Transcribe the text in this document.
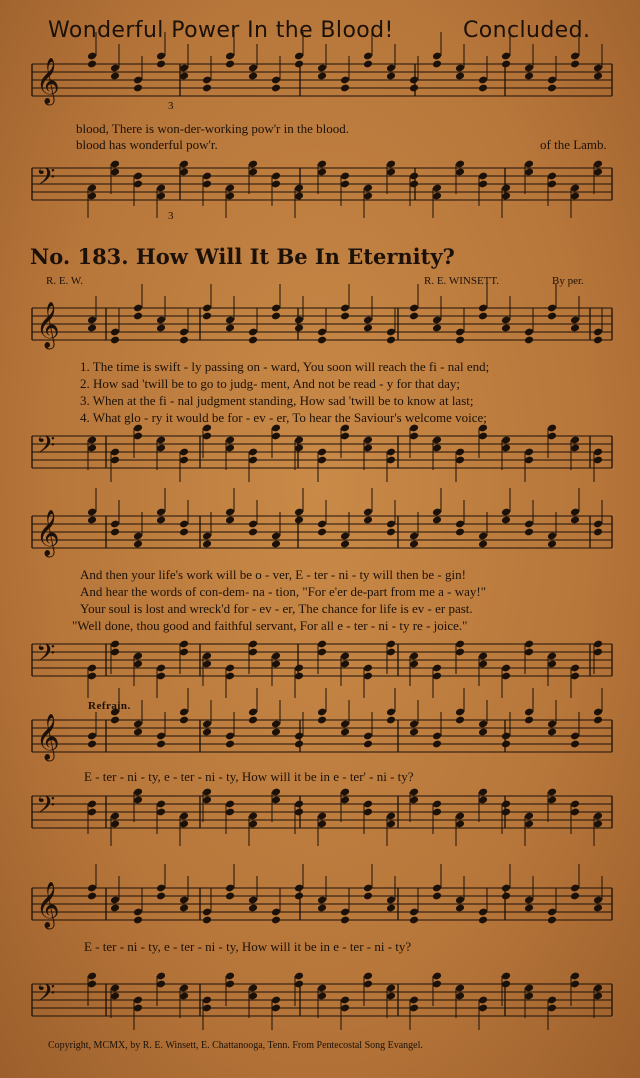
Wonderful Power In the Blood!	Concluded.
𝄞
𝄢
𝄞
𝄢
𝄞
𝄢
𝄞
𝄢
𝄞
𝄢
blood, There is won-der-working pow'r in the blood.
blood has wonderful pow'r.	of the Lamb.
3
3
No. 183. How Will It Be In Eternity?
R. E. W.	R. E. WINSETT.	By per.
1. The time is swift - ly passing on - ward, You soon will reach the fi - nal end;
2. How sad 'twill be to go to judg- ment, And not be read - y for that day;
3. When at the fi - nal judgment standing, How sad 'twill be to know at last;
4. What glo - ry it would be for - ev - er, To hear the Saviour's welcome voice;
And then your life's work will be o - ver, E - ter - ni - ty will then be - gin!
And hear the words of con-dem- na - tion, "For e'er de-part from me a - way!"
Your soul is lost and wreck'd for - ev - er, The chance for life is ev - er past.
"Well done, thou good and faithful servant, For all e - ter - ni - ty re - joice."
Refrain.
E - ter - ni - ty, e - ter - ni - ty, How will it be in e - ter' - ni - ty?
E - ter - ni - ty, e - ter - ni - ty, How will it be in e - ter - ni - ty?
Copyright, MCMX, by R. E. Winsett, E. Chattanooga, Tenn. From Pentecostal Song Evangel.
